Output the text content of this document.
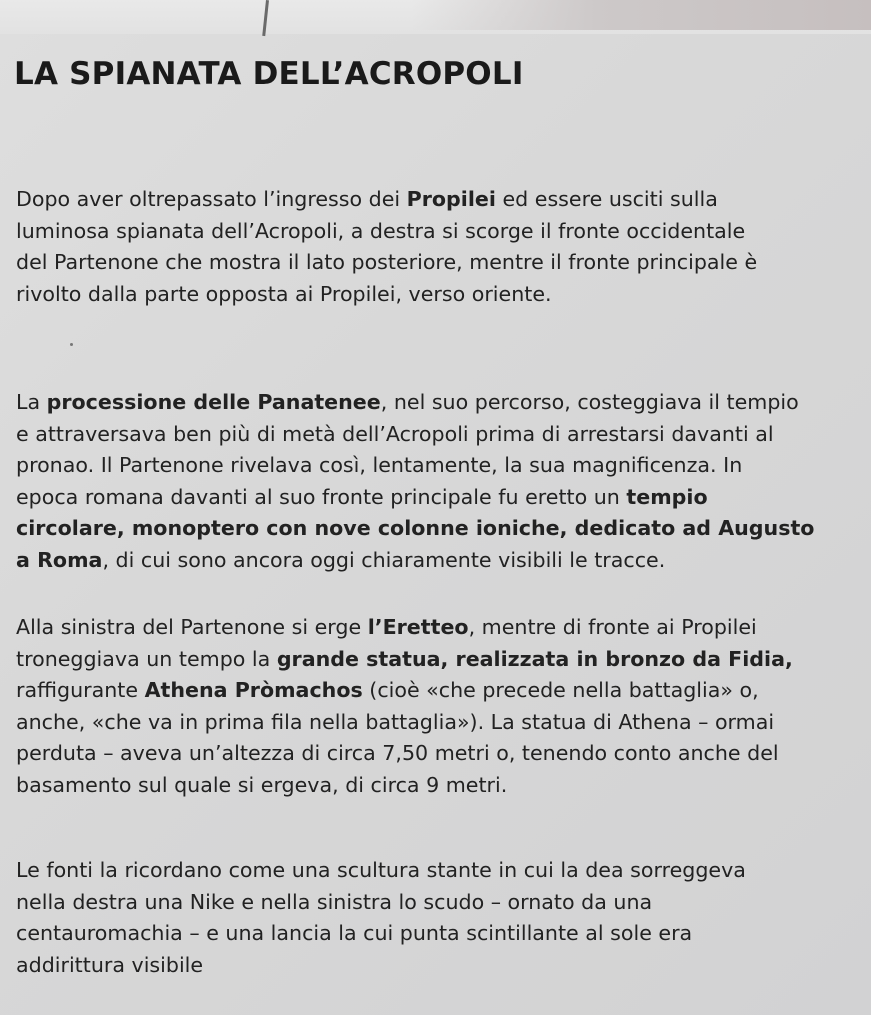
LA SPIANATA DELL’ACROPOLI
Dopo aver oltrepassato l’ingresso dei Propilei ed essere usciti sulla
luminosa spianata dell’Acropoli, a destra si scorge il fronte occidentale
del Partenone che mostra il lato posteriore, mentre il fronte principale è
rivolto dalla parte opposta ai Propilei, verso oriente.
La processione delle Panatenee, nel suo percorso, costeggiava il tempio
e attraversava ben più di metà dell’Acropoli prima di arrestarsi davanti al
pronao. Il Partenone rivelava così, lentamente, la sua magnificenza. In
epoca romana davanti al suo fronte principale fu eretto un tempio
circolare, monoptero con nove colonne ioniche, dedicato ad Augusto
a Roma, di cui sono ancora oggi chiaramente visibili le tracce.
Alla sinistra del Partenone si erge l’Eretteo, mentre di fronte ai Propilei
troneggiava un tempo la grande statua, realizzata in bronzo da Fidia,
raffigurante Athena Pròmachos (cioè «che precede nella battaglia» o,
anche, «che va in prima fila nella battaglia»). La statua di Athena – ormai
perduta – aveva un’altezza di circa 7,50 metri o, tenendo conto anche del
basamento sul quale si ergeva, di circa 9 metri.
Le fonti la ricordano come una scultura stante in cui la dea sorreggeva
nella destra una Nike e nella sinistra lo scudo – ornato da una
centauromachia – e una lancia la cui punta scintillante al sole era
addirittura visibile
